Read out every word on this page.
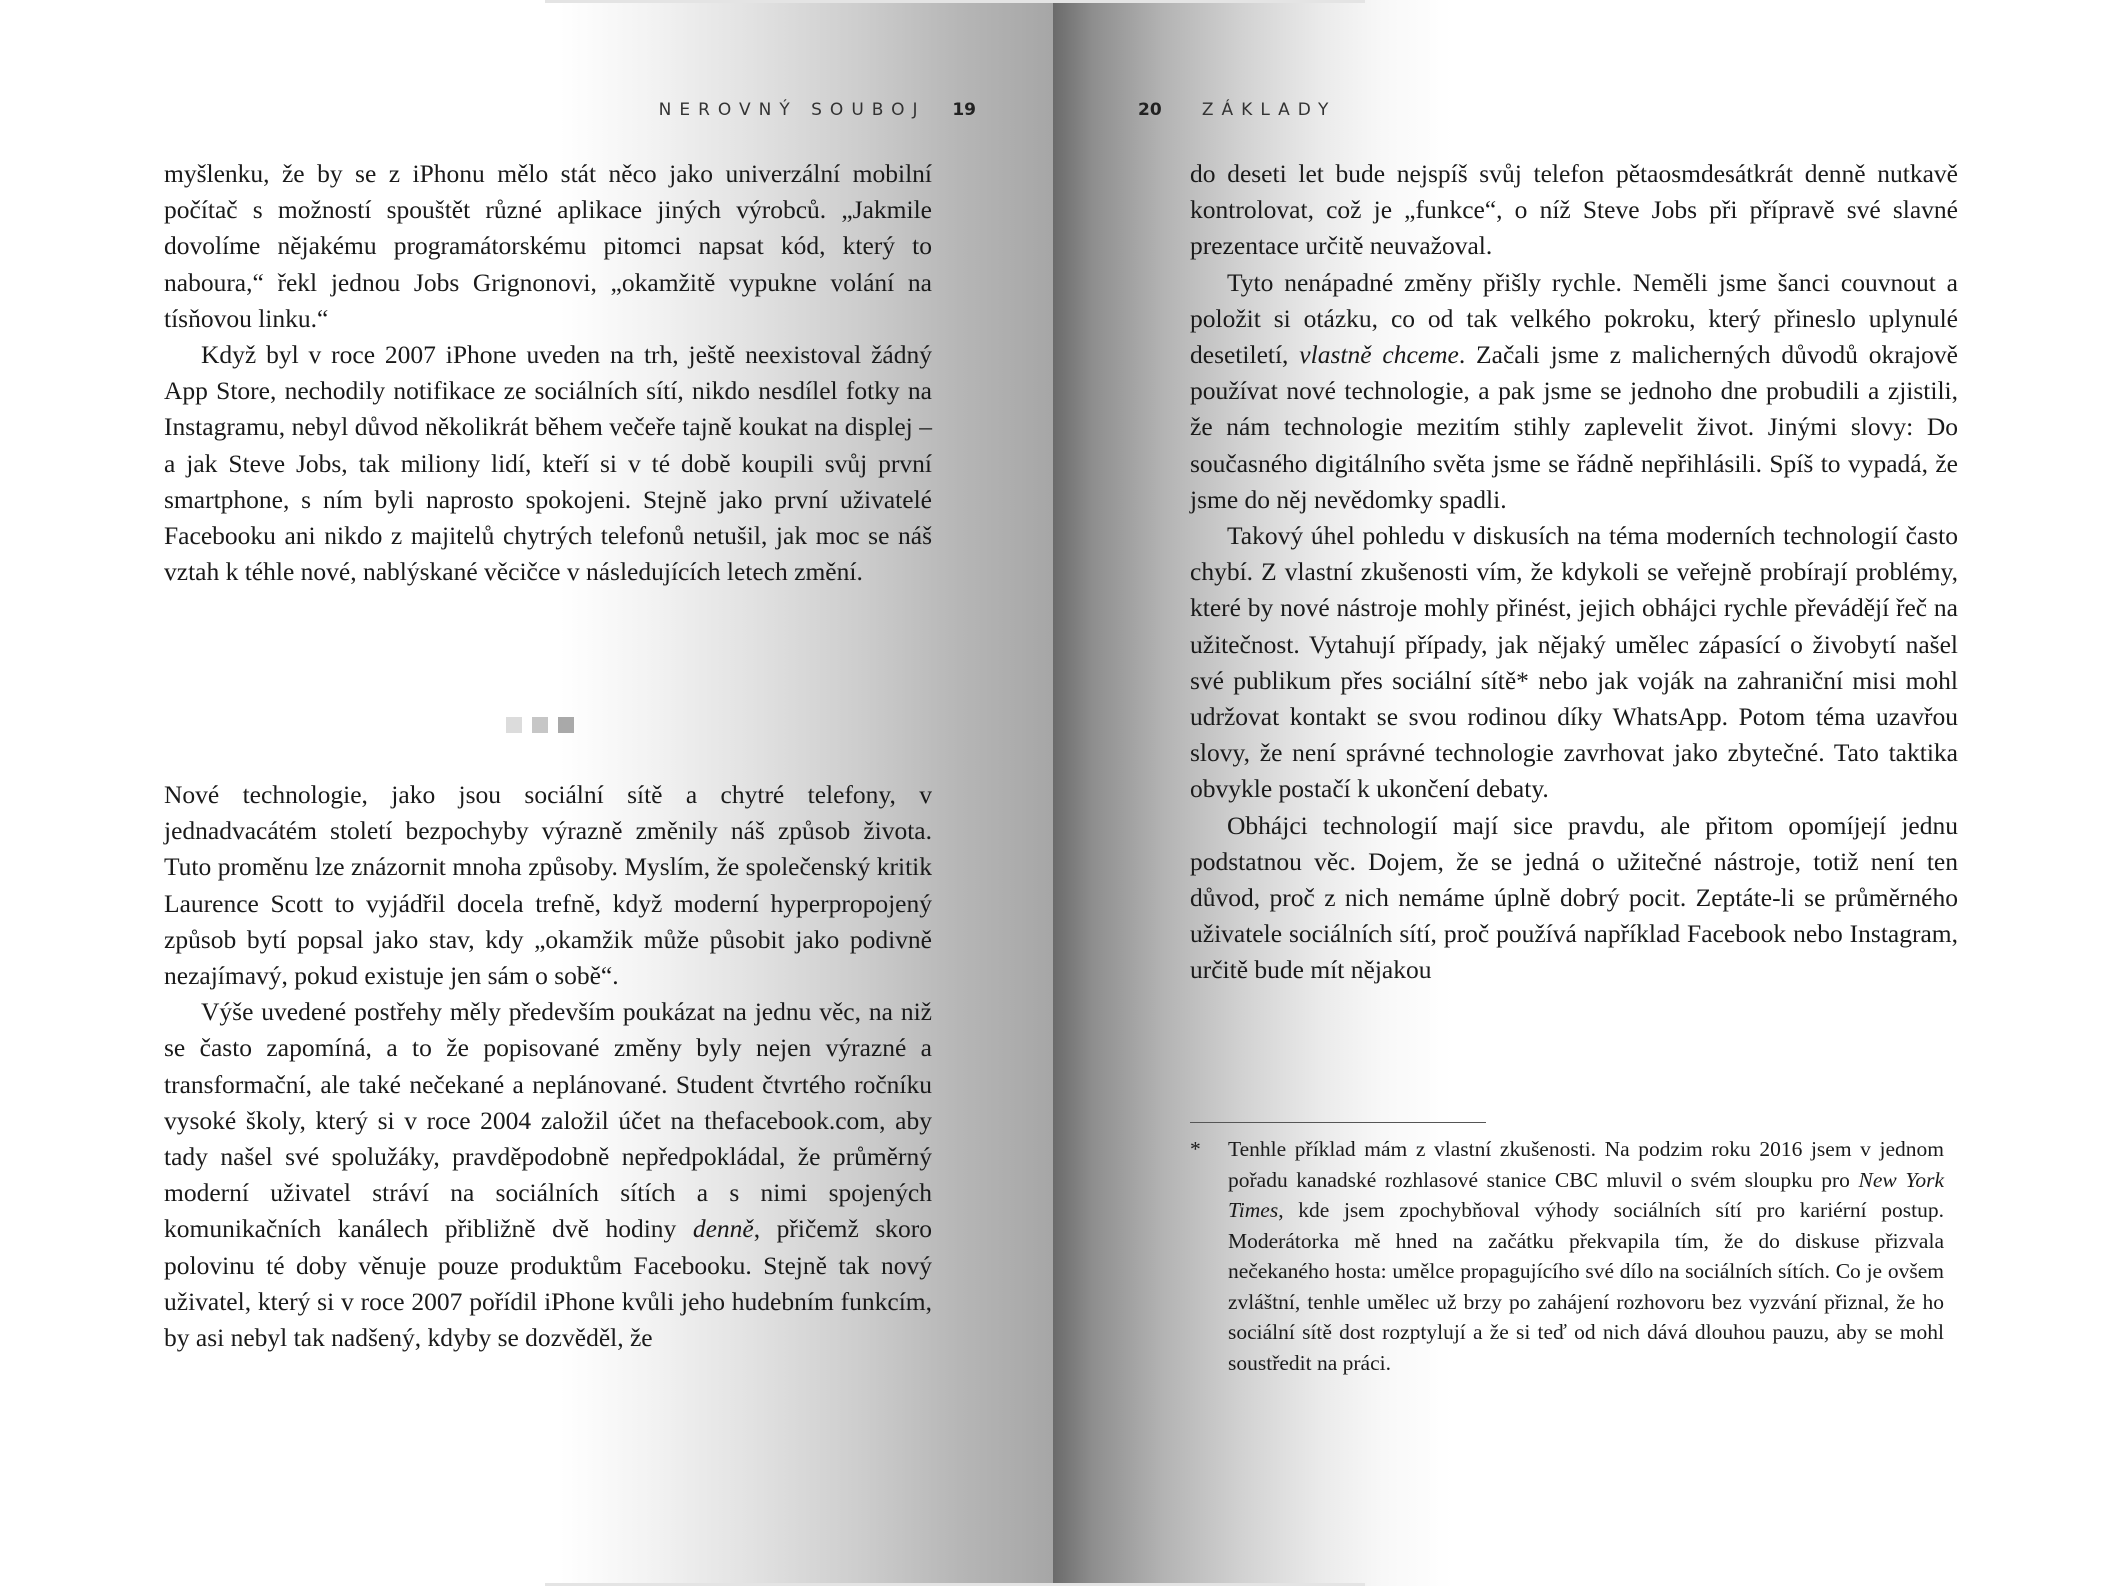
NEROVNÝ SOUBOJ 19

myšlenku, že by se z iPhonu mělo stát něco jako univerzální mobilní počítač s možností spouštět různé aplikace jiných výrobců. „Jakmile dovolíme nějakému programátorskému pitomci napsat kód, který to naboura,“ řekl jednou Jobs Grignonovi, „okamžitě vypukne volání na tísňovou linku.“

Když byl v roce 2007 iPhone uveden na trh, ještě neexistoval žádný App Store, nechodily notifikace ze sociálních sítí, nikdo nesdílel fotky na Instagramu, nebyl důvod několikrát během večeře tajně koukat na displej – a jak Steve Jobs, tak miliony lidí, kteří si v té době koupili svůj první smartphone, s ním byli naprosto spokojeni. Stejně jako první uživatelé Facebooku ani nikdo z majitelů chytrých telefonů netušil, jak moc se náš vztah k téhle nové, nablýskané věcičce v následujících letech změní.

Nové technologie, jako jsou sociální sítě a chytré telefony, v jednadvacátém století bezpochyby výrazně změnily náš způsob života. Tuto proměnu lze znázornit mnoha způsoby. Myslím, že společenský kritik Laurence Scott to vyjádřil docela trefně, když moderní hyperpropojený způsob bytí popsal jako stav, kdy „okamžik může působit jako podivně nezajímavý, pokud existuje jen sám o sobě“.

Výše uvedené postřehy měly především poukázat na jednu věc, na niž se často zapomíná, a to že popisované změny byly nejen výrazné a transformační, ale také nečekané a neplánované. Student čtvrtého ročníku vysoké školy, který si v roce 2004 založil účet na thefacebook.com, aby tady našel své spolužáky, pravděpodobně nepředpokládal, že průměrný moderní uživatel stráví na sociálních sítích a s nimi spojených komunikačních kanálech přibližně dvě hodiny denně, přičemž skoro polovinu té doby věnuje pouze produktům Facebooku. Stejně tak nový uživatel, který si v roce 2007 pořídil iPhone kvůli jeho hudebním funkcím, by asi nebyl tak nadšený, kdyby se dozvěděl, že

20 ZÁKLADY

do deseti let bude nejspíš svůj telefon pětaosmdesátkrát denně nutkavě kontrolovat, což je „funkce“, o níž Steve Jobs při přípravě své slavné prezentace určitě neuvažoval.

Tyto nenápadné změny přišly rychle. Neměli jsme šanci couvnout a položit si otázku, co od tak velkého pokroku, který přineslo uplynulé desetiletí, vlastně chceme. Začali jsme z malicherných důvodů okrajově používat nové technologie, a pak jsme se jednoho dne probudili a zjistili, že nám technologie mezitím stihly zaplevelit život. Jinými slovy: Do současného digitálního světa jsme se řádně nepřihlásili. Spíš to vypadá, že jsme do něj nevědomky spadli.

Takový úhel pohledu v diskusích na téma moderních technologií často chybí. Z vlastní zkušenosti vím, že kdykoli se veřejně probírají problémy, které by nové nástroje mohly přinést, jejich obhájci rychle převádějí řeč na užitečnost. Vytahují případy, jak nějaký umělec zápasící o živobytí našel své publikum přes sociální sítě* nebo jak voják na zahraniční misi mohl udržovat kontakt se svou rodinou díky WhatsApp. Potom téma uzavřou slovy, že není správné technologie zavrhovat jako zbytečné. Tato taktika obvykle postačí k ukončení debaty.

Obhájci technologií mají sice pravdu, ale přitom opomíjejí jednu podstatnou věc. Dojem, že se jedná o užitečné nástroje, totiž není ten důvod, proč z nich nemáme úplně dobrý pocit. Zeptáte-li se průměrného uživatele sociálních sítí, proč používá například Facebook nebo Instagram, určitě bude mít nějakou

* Tenhle příklad mám z vlastní zkušenosti. Na podzim roku 2016 jsem v jednom pořadu kanadské rozhlasové stanice CBC mluvil o svém sloupku pro New York Times, kde jsem zpochybňoval výhody sociálních sítí pro kariérní postup. Moderátorka mě hned na začátku překvapila tím, že do diskuse přizvala nečekaného hosta: umělce propagujícího své dílo na sociálních sítích. Co je ovšem zvláštní, tenhle umělec už brzy po zahájení rozhovoru bez vyzvání přiznal, že ho sociální sítě dost rozptylují a že si teď od nich dává dlouhou pauzu, aby se mohl soustředit na práci.
